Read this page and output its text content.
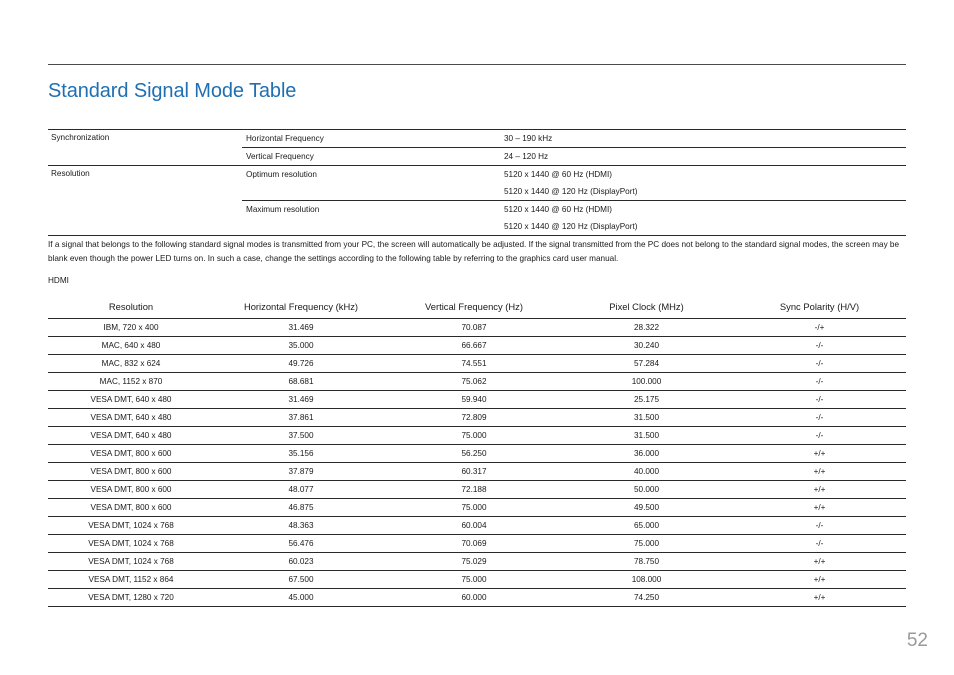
Standard Signal Mode Table
Synchronization	Horizontal Frequency	30 – 190 kHz
Vertical Frequency	24 – 120 Hz
Resolution	Optimum resolution	5120 x 1440 @ 60 Hz (HDMI)
5120 x 1440 @ 120 Hz (DisplayPort)
Maximum resolution	5120 x 1440 @ 60 Hz (HDMI)
5120 x 1440 @ 120 Hz (DisplayPort)

If a signal that belongs to the following standard signal modes is transmitted from your PC, the screen will automatically be adjusted. If the signal transmitted from the PC does not belong to the standard signal modes, the screen may be blank even though the power LED turns on. In such a case, change the settings according to the following table by referring to the graphics card user manual.

HDMI

Resolution	Horizontal Frequency (kHz)	Vertical Frequency (Hz)	Pixel Clock (MHz)	Sync Polarity (H/V)
IBM, 720 x 400	31.469	70.087	28.322	-/+
MAC, 640 x 480	35.000	66.667	30.240	-/-
MAC, 832 x 624	49.726	74.551	57.284	-/-
MAC, 1152 x 870	68.681	75.062	100.000	-/-
VESA DMT, 640 x 480	31.469	59.940	25.175	-/-
VESA DMT, 640 x 480	37.861	72.809	31.500	-/-
VESA DMT, 640 x 480	37.500	75.000	31.500	-/-
VESA DMT, 800 x 600	35.156	56.250	36.000	+/+
VESA DMT, 800 x 600	37.879	60.317	40.000	+/+
VESA DMT, 800 x 600	48.077	72.188	50.000	+/+
VESA DMT, 800 x 600	46.875	75.000	49.500	+/+
VESA DMT, 1024 x 768	48.363	60.004	65.000	-/-
VESA DMT, 1024 x 768	56.476	70.069	75.000	-/-
VESA DMT, 1024 x 768	60.023	75.029	78.750	+/+
VESA DMT, 1152 x 864	67.500	75.000	108.000	+/+
VESA DMT, 1280 x 720	45.000	60.000	74.250	+/+
52
